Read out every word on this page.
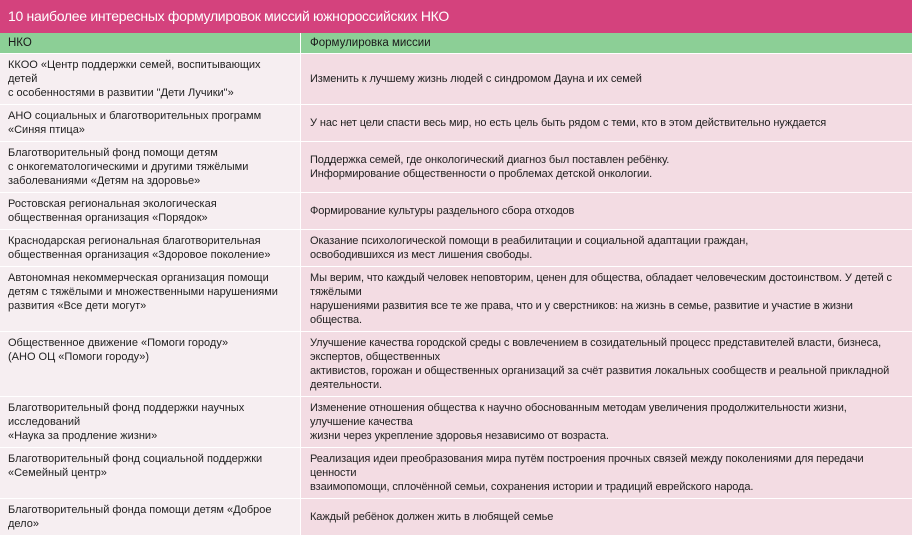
10 наиболее интересных формулировок миссий южнороссийских НКО
НКО	Формулировка миссии
ККОО «Центр поддержки семей, воспитывающих детей
с особенностями в развитии "Дети Лучики"»
Изменить к лучшему жизнь людей с синдромом Дауна и их семей
АНО социальных и благотворительных программ «Синяя птица»
У нас нет цели спасти весь мир, но есть цель быть рядом с теми, кто в этом действительно нуждается
Благотворительный фонд помощи детям
с онкогематологическими и другими тяжёлыми
заболеваниями «Детям на здоровье»
Поддержка семей, где онкологический диагноз был поставлен ребёнку.
Информирование общественности о проблемах детской онкологии.
Ростовская региональная экологическая
общественная организация «Порядок»
Формирование культуры раздельного сбора отходов
Краснодарская региональная благотворительная
общественная организация «Здоровое поколение»
Оказание психологической помощи в реабилитации и социальной адаптации граждан,
освободившихся из мест лишения свободы.
Автономная некоммерческая организация помощи
детям с тяжёлыми и множественными нарушениями
развития «Все дети могут»
Мы верим, что каждый человек неповторим, ценен для общества, обладает человеческим достоинством. У детей с тяжёлыми
нарушениями развития все те же права, что и у сверстников: на жизнь в семье, развитие и участие в жизни общества.
Общественное движение «Помоги городу»
(АНО ОЦ «Помоги городу»)
Улучшение качества городской среды с вовлечением в созидательный процесс представителей власти, бизнеса, экспертов, общественных
активистов, горожан и общественных организаций за счёт развития локальных сообществ и реальной прикладной деятельности.
Благотворительный фонд поддержки научных исследований
«Наука за продление жизни»
Изменение отношения общества к научно обоснованным методам увеличения продолжительности жизни, улучшение качества
жизни через укрепление здоровья независимо от возраста.
Благотворительный фонд социальной поддержки
«Семейный центр»
Реализация идеи преобразования мира путём построения прочных связей между поколениями для передачи ценности
взаимопомощи, сплочённой семьи, сохранения истории и традиций еврейского народа.
Благотворительный фонда помощи детям «Доброе дело»
Каждый ребёнок должен жить в любящей семье
